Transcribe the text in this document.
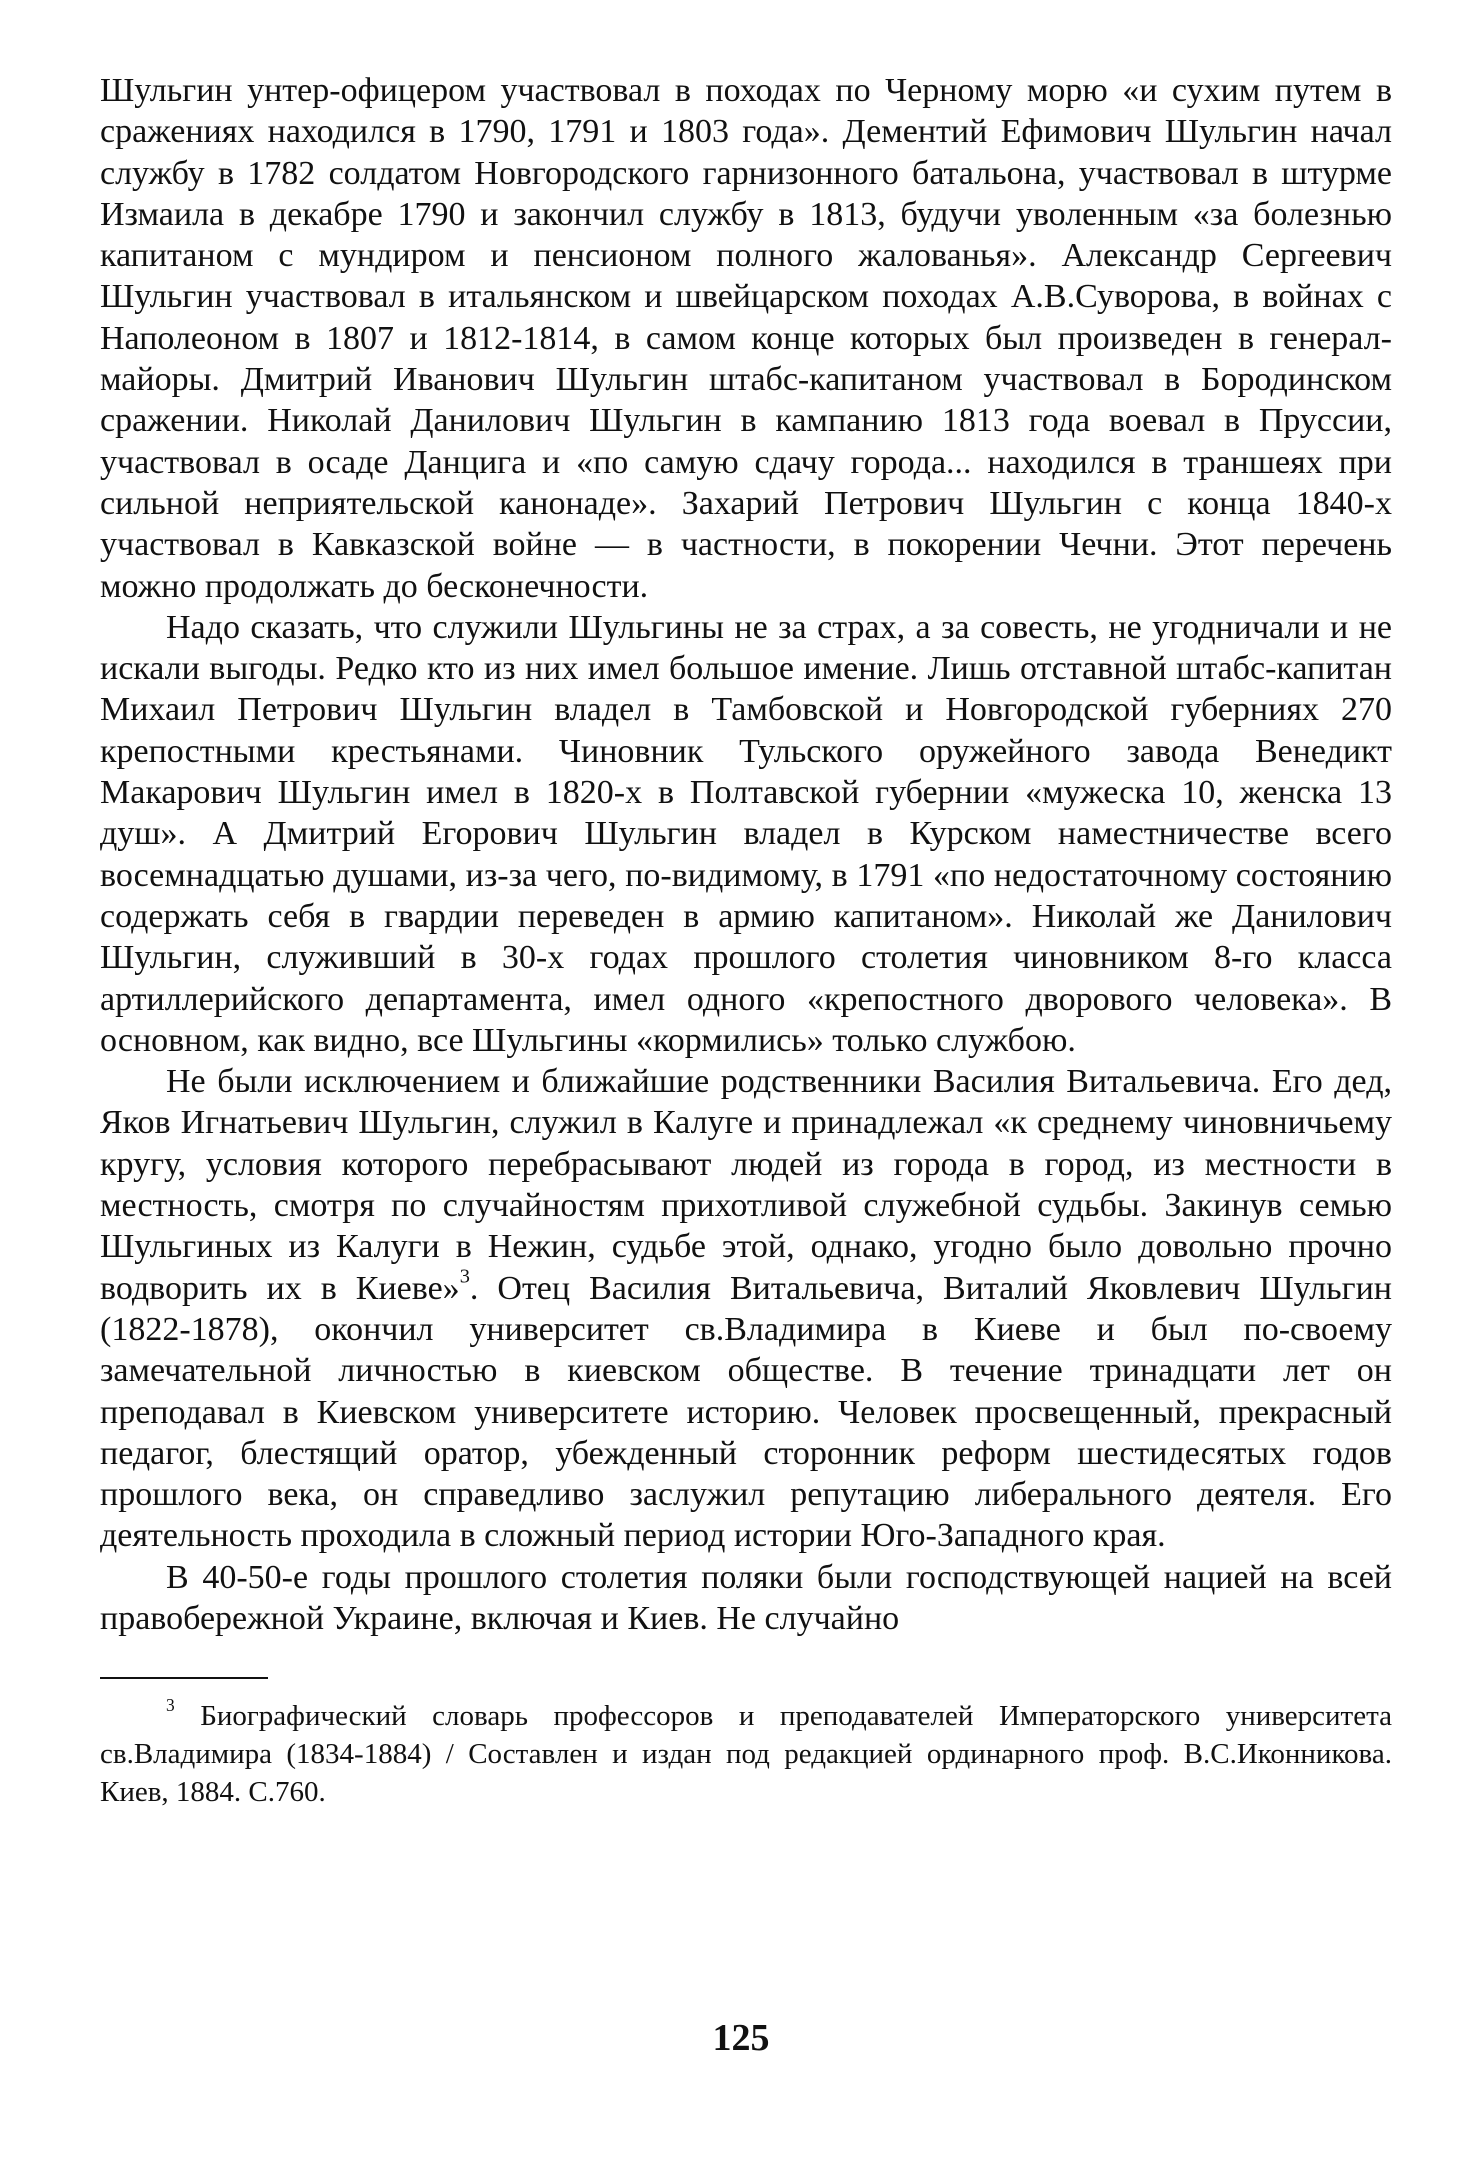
Шульгин унтер-офицером участвовал в походах по Черному морю «и сухим путем в сражениях находился в 1790, 1791 и 1803 года». Дементий Ефимович Шульгин начал службу в 1782 солдатом Новгородского гарнизонного батальона, участвовал в штурме Измаила в декабре 1790 и закончил службу в 1813, будучи уволенным «за болезнью капитаном с мундиром и пенсионом полного жалованья». Александр Сергеевич Шульгин участвовал в итальянском и швейцарском походах А.В.Суворова, в войнах с Наполеоном в 1807 и 1812-1814, в самом конце которых был произведен в генерал-майоры. Дмитрий Иванович Шульгин штабс-капитаном участвовал в Бородинском сражении. Николай Данилович Шульгин в кампанию 1813 года воевал в Пруссии, участвовал в осаде Данцига и «по самую сдачу города... находился в траншеях при сильной неприятельской канонаде». Захарий Петрович Шульгин с конца 1840-х участвовал в Кавказской войне — в частности, в покорении Чечни. Этот перечень можно продолжать до бесконечности.

Надо сказать, что служили Шульгины не за страх, а за совесть, не угодничали и не искали выгоды. Редко кто из них имел большое имение. Лишь отставной штабс-капитан Михаил Петрович Шульгин владел в Тамбовской и Новгородской губерниях 270 крепостными крестьянами. Чиновник Тульского оружейного завода Венедикт Макарович Шульгин имел в 1820-х в Полтавской губернии «мужеска 10, женска 13 душ». А Дмитрий Егорович Шульгин владел в Курском наместничестве всего восемнадцатью душами, из-за чего, по-видимому, в 1791 «по недостаточному состоянию содержать себя в гвардии переведен в армию капитаном». Николай же Данилович Шульгин, служивший в 30-х годах прошлого столетия чиновником 8-го класса артиллерийского департамента, имел одного «крепостного дворового человека». В основном, как видно, все Шульгины «кормились» только службою.

Не были исключением и ближайшие родственники Василия Витальевича. Его дед, Яков Игнатьевич Шульгин, служил в Калуге и принадлежал «к среднему чиновничьему кругу, условия которого перебрасывают людей из города в город, из местности в местность, смотря по случайностям прихотливой служебной судьбы. Закинув семью Шульгиных из Калуги в Нежин, судьбе этой, однако, угодно было довольно прочно водворить их в Киеве»$^3$. Отец Василия Витальевича, Виталий Яковлевич Шульгин (1822-1878), окончил университет св.Владимира в Киеве и был по-своему замечательной личностью в киевском обществе. В течение тринадцати лет он преподавал в Киевском университете историю. Человек просвещенный, прекрасный педагог, блестящий оратор, убежденный сторонник реформ шестидесятых годов прошлого века, он справедливо заслужил репутацию либерального деятеля. Его деятельность проходила в сложный период истории Юго-Западного края.

В 40-50-е годы прошлого столетия поляки были господствующей нацией на всей правобережной Украине, включая и Киев. Не случайно

$^3$ Биографический словарь профессоров и преподавателей Императорского университета св.Владимира (1834-1884) / Составлен и издан под редакцией ординарного проф. В.С.Иконникова. Киев, 1884. С.760.

125
